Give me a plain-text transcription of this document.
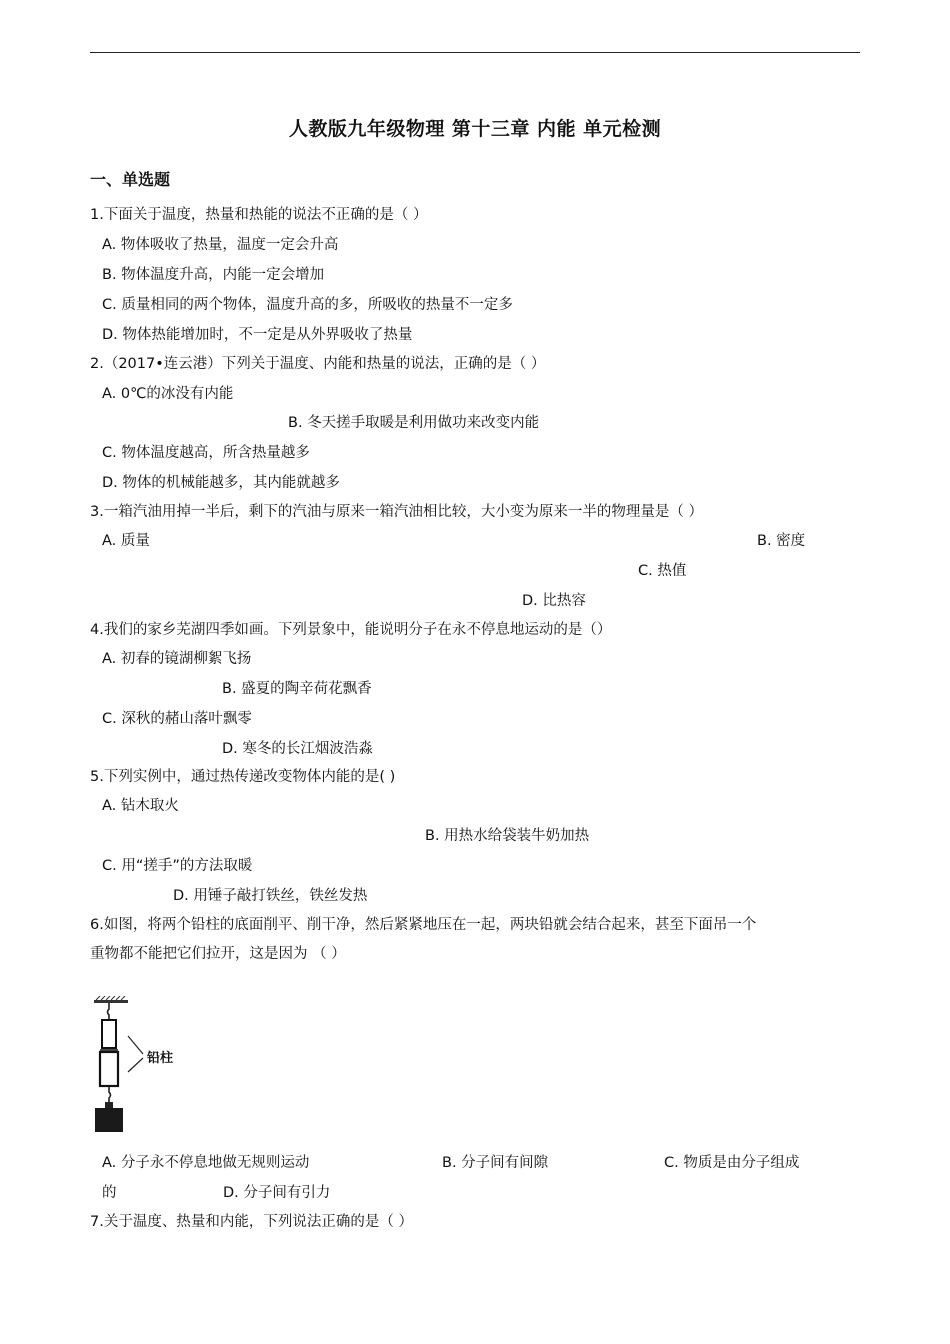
人教版九年级物理 第十三章 内能 单元检测
一、单选题
1.下面关于温度，热量和热能的说法不正确的是（ ）
A. 物体吸收了热量，温度一定会升高
B. 物体温度升高，内能一定会增加
C. 质量相同的两个物体，温度升高的多，所吸收的热量不一定多
D. 物体热能增加时，不一定是从外界吸收了热量
2.（2017•连云港）下列关于温度、内能和热量的说法，正确的是（ ）
A. 0℃的冰没有内能
B. 冬天搓手取暖是利用做功来改变内能
C. 物体温度越高，所含热量越多
D. 物体的机械能越多，其内能就越多
3.一箱汽油用掉一半后，剩下的汽油与原来一箱汽油相比较，大小变为原来一半的物理量是（ ）
A. 质量	B. 密度
C. 热值
D. 比热容
4.我们的家乡芜湖四季如画。下列景象中，能说明分子在永不停息地运动的是（）
A. 初春的镜湖柳絮飞扬
B. 盛夏的陶辛荷花飘香
C. 深秋的赭山落叶飘零
D. 寒冬的长江烟波浩淼
5.下列实例中，通过热传递改变物体内能的是( )
A. 钻木取火
B. 用热水给袋装牛奶加热
C. 用“搓手”的方法取暖
D. 用锤子敲打铁丝，铁丝发热
6.如图，将两个铅柱的底面削平、削干净，然后紧紧地压在一起，两块铅就会结合起来，甚至下面吊一个
重物都不能把它们拉开，这是因为 （ ）
铅柱
A. 分子永不停息地做无规则运动	B. 分子间有间隙	C. 物质是由分子组成
的	D. 分子间有引力
7.关于温度、热量和内能，下列说法正确的是（ ）
